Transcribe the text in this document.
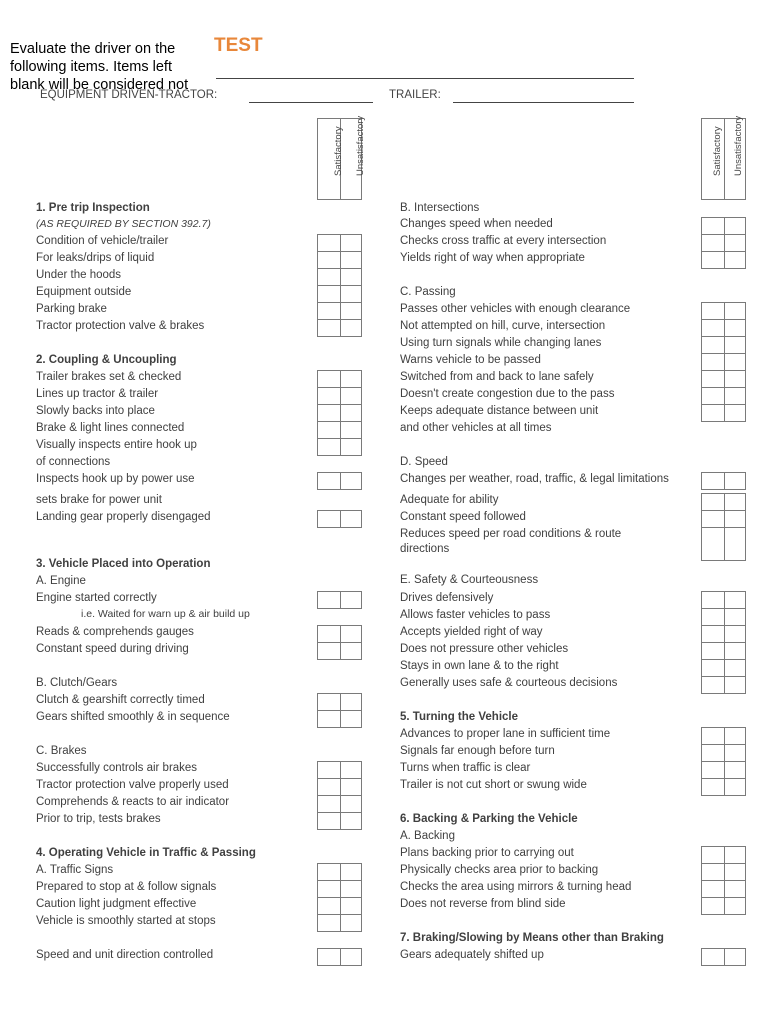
Evaluate the driver on the following items. Items left blank will be considered not
TEST
EQUIPMENT DRIVEN-TRACTOR:	TRAILER:
Satisfactory Unsatisfactory	Satisfactory Unsatisfactory
1. Pre trip Inspection
(AS REQUIRED BY SECTION 392.7)
Condition of vehicle/trailer
For leaks/drips of liquid
Under the hoods
Equipment outside
Parking brake
Tractor protection valve & brakes
2. Coupling & Uncoupling
Trailer brakes set & checked
Lines up tractor & trailer
Slowly backs into place
Brake & light lines connected
Visually inspects entire hook up
of connections
Inspects hook up by power use
sets brake for power unit
Landing gear properly disengaged
3. Vehicle Placed into Operation
A. Engine
Engine started correctly
i.e. Waited for warn up & air build up
Reads & comprehends gauges
Constant speed during driving
B. Clutch/Gears
Clutch & gearshift correctly timed
Gears shifted smoothly & in sequence
C. Brakes
Successfully controls air brakes
Tractor protection valve properly used
Comprehends & reacts to air indicator
Prior to trip, tests brakes
4. Operating Vehicle in Traffic & Passing
A. Traffic Signs
Prepared to stop at & follow signals
Caution light judgment effective
Vehicle is smoothly started at stops
Speed and unit direction controlled
B. Intersections
Changes speed when needed
Checks cross traffic at every intersection
Yields right of way when appropriate
C. Passing
Passes other vehicles with enough clearance
Not attempted on hill, curve, intersection
Using turn signals while changing lanes
Warns vehicle to be passed
Switched from and back to lane safely
Doesn't create congestion due to the pass
Keeps adequate distance between unit
and other vehicles at all times
D. Speed
Changes per weather, road, traffic, & legal limitations
Adequate for ability
Constant speed followed
Reduces speed per road conditions & route directions
E. Safety & Courteousness
Drives defensively
Allows faster vehicles to pass
Accepts yielded right of way
Does not pressure other vehicles
Stays in own lane & to the right
Generally uses safe & courteous decisions
5. Turning the Vehicle
Advances to proper lane in sufficient time
Signals far enough before turn
Turns when traffic is clear
Trailer is not cut short or swung wide
6. Backing & Parking the Vehicle
A. Backing
Plans backing prior to carrying out
Physically checks area prior to backing
Checks the area using mirrors & turning head
Does not reverse from blind side
7. Braking/Slowing by Means other than Braking
Gears adequately shifted up
